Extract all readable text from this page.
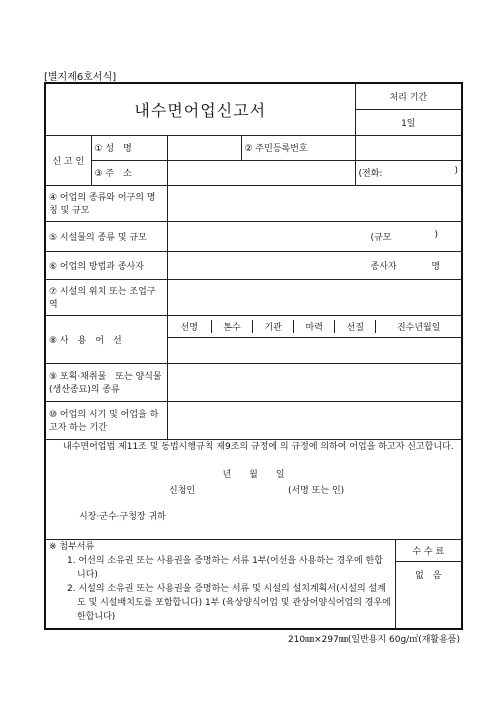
[별지제6호서식]
내수면어업신고서	처리 기간
1일
신 고 인	① 성　명		② 주민등록번호	
③ 주　소		(전화:	)

④ 어업의 종류와 어구의 명칭 및 규모	
⑤ 시설물의 종류 및 규모	(규모	)

⑥ 어업의 방법과 종사자	종사자	명

⑦ 시설의 위치 또는 조업구역	
⑧ 사　용　어　선	
선명	톤수	기관	마력	선질	진수년월일

⑨ 포획·채취물　또는 양식물(생산종묘)의 종류	
⑩ 어업의 시기 및 어업을 하고자 하는 기간	

내수면어업법 제11조 및 동법시행규칙 제9조의 규정에 의 규정에 의하여 어업을 하고자 신고합니다.
년　　월　　일
신청인	(서명 또는 인)
시장·군수·구청장 귀하

※ 첨부서류
1. 어선의 소유권 또는 사용권을 증명하는 서류 1부(어선을 사용하는 경우에 한합니다)
2. 시설의 소유권 또는 사용권을 증명하는 서류 및 시설의 설치계획서(시설의 설계도 및 시설배치도를 포함합니다) 1부 (육상양식어업 및 관상어양식어업의 경우에 한합니다)
	수 수 료
없　음
210㎜×297㎜(일반용지 60g/㎡(재활용품)
